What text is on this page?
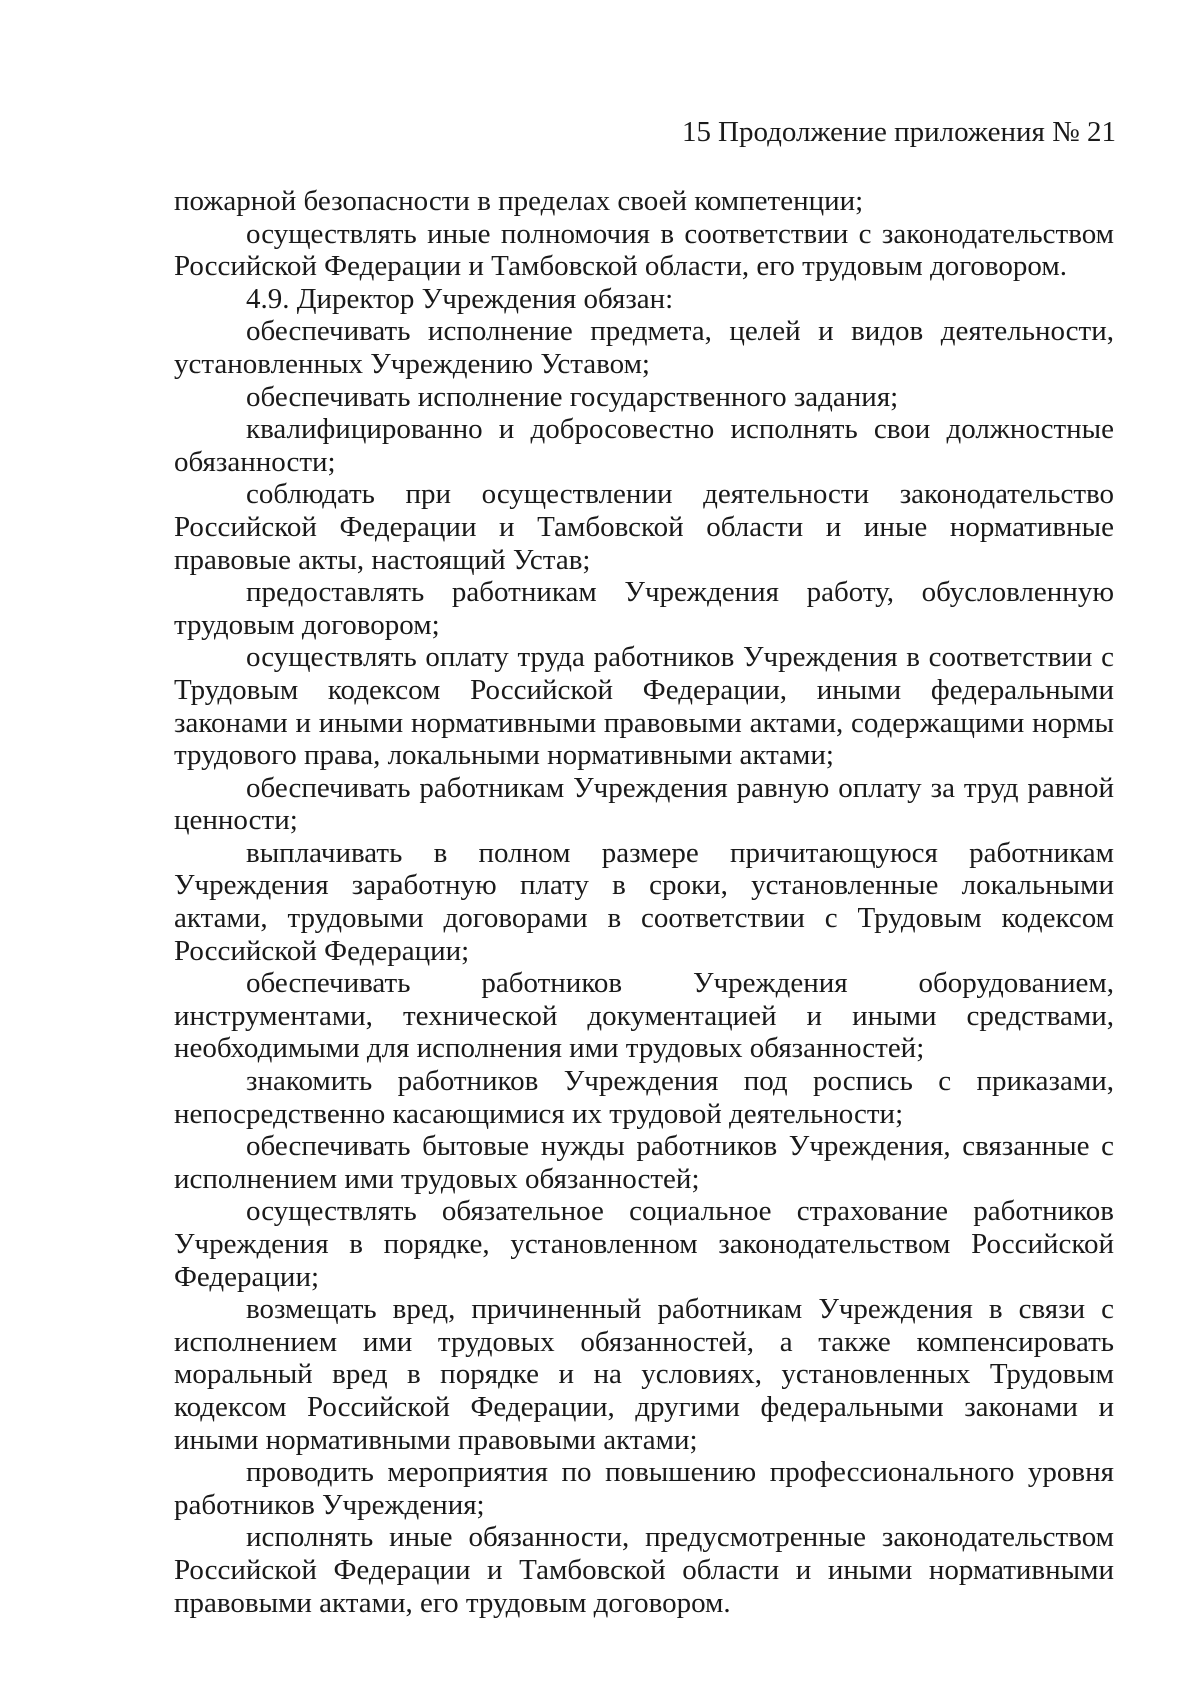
15 Продолжение приложения № 21

пожарной безопасности в пределах своей компетенции;

осуществлять иные полномочия в соответствии с законодательством Российской Федерации и Тамбовской области, его трудовым договором.

4.9. Директор Учреждения обязан:

обеспечивать исполнение предмета, целей и видов деятельности, установленных Учреждению Уставом;

обеспечивать исполнение государственного задания;

квалифицированно и добросовестно исполнять свои должностные обязанности;

соблюдать при осуществлении деятельности законодательство Российской Федерации и Тамбовской области и иные нормативные правовые акты, настоящий Устав;

предоставлять работникам Учреждения работу, обусловленную трудовым договором;

осуществлять оплату труда работников Учреждения в соответствии с Трудовым кодексом Российской Федерации, иными федеральными законами и иными нормативными правовыми актами, содержащими нормы трудового права, локальными нормативными актами;

обеспечивать работникам Учреждения равную оплату за труд равной ценности;

выплачивать в полном размере причитающуюся работникам Учреждения заработную плату в сроки, установленные локальными актами, трудовыми договорами в соответствии с Трудовым кодексом Российской Федерации;

обеспечивать работников Учреждения оборудованием, инструментами, технической документацией и иными средствами, необходимыми для исполнения ими трудовых обязанностей;

знакомить работников Учреждения под роспись с приказами, непосредственно касающимися их трудовой деятельности;

обеспечивать бытовые нужды работников Учреждения, связанные с исполнением ими трудовых обязанностей;

осуществлять обязательное социальное страхование работников Учреждения в порядке, установленном законодательством Российской Федерации;

возмещать вред, причиненный работникам Учреждения в связи с исполнением ими трудовых обязанностей, а также компенсировать моральный вред в порядке и на условиях, установленных Трудовым кодексом Российской Федерации, другими федеральными законами и иными нормативными правовыми актами;

проводить мероприятия по повышению профессионального уровня работников Учреждения;

исполнять иные обязанности, предусмотренные законодательством Российской Федерации и Тамбовской области и иными нормативными правовыми актами, его трудовым договором.
